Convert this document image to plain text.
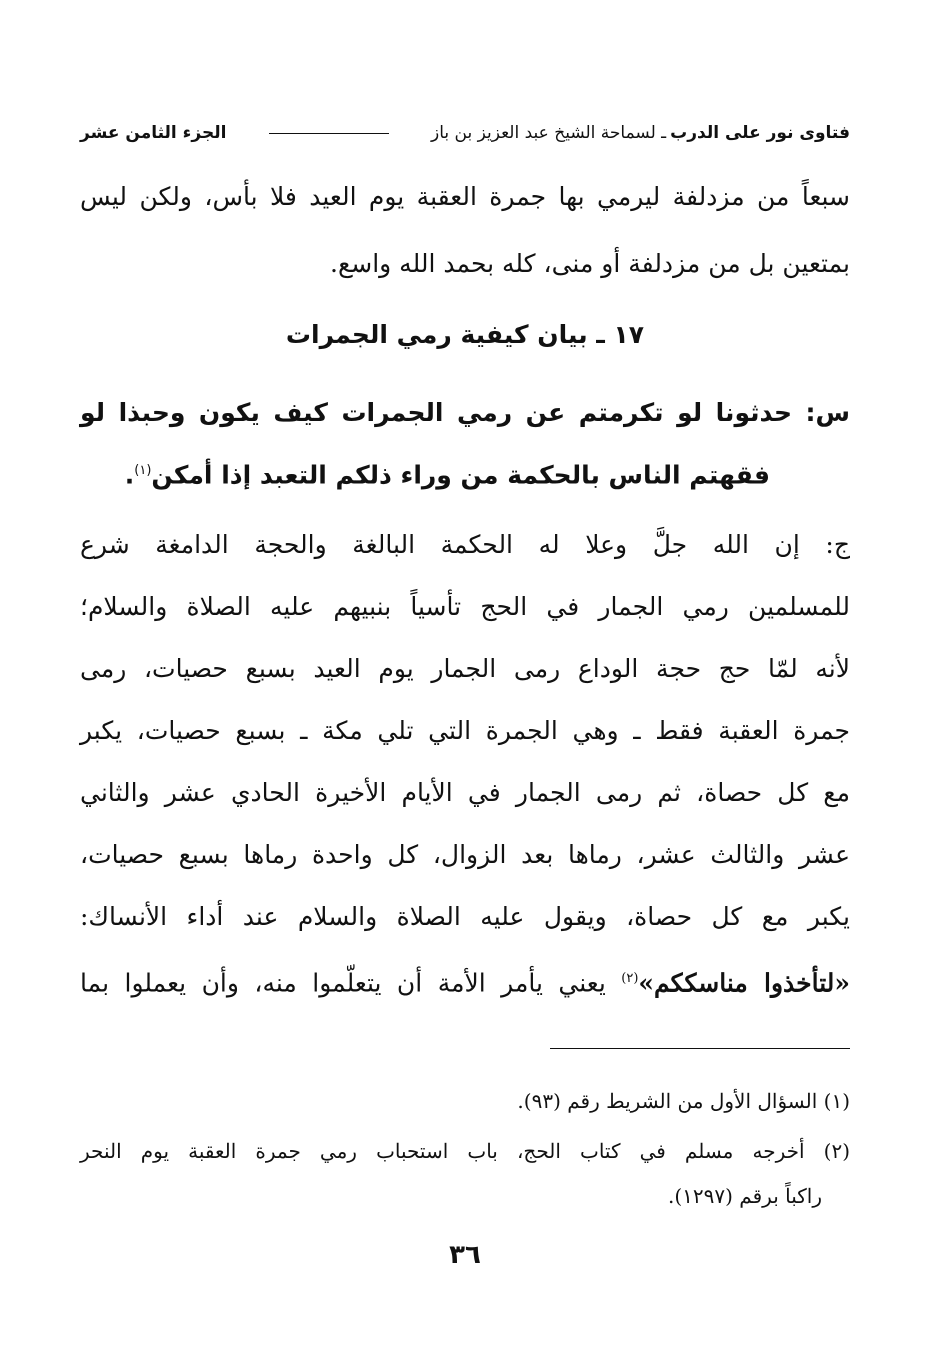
فتاوى نور على الدرب
ـ لسماحة الشيخ عبد العزيز بن باز
الجزء الثامن عشر
سبعاً من مزدلفة ليرمي بها جمرة العقبة يوم العيد فلا بأس، ولكن ليس
بمتعين بل من مزدلفة أو منى، كله بحمد الله واسع.
١٧ ـ بيان كيفية رمي الجمرات
س: حدثونا لو تكرمتم عن رمي الجمرات كيف يكون وحبذا لو
فقهتم الناس بالحكمة من وراء ذلكم التعبد إذا أمكن$^{(١)}$.
ج: إن الله جلَّ وعلا له الحكمة البالغة والحجة الدامغة شرع
للمسلمين رمي الجمار في الحج تأسياً بنبيهم عليه الصلاة والسلام؛
لأنه لمّا حج حجة الوداع رمى الجمار يوم العيد بسبع حصيات، رمى
جمرة العقبة فقط ـ وهي الجمرة التي تلي مكة ـ بسبع حصيات، يكبر
مع كل حصاة، ثم رمى الجمار في الأيام الأخيرة الحادي عشر والثاني
عشر والثالث عشر، رماها بعد الزوال، كل واحدة رماها بسبع حصيات،
يكبر مع كل حصاة، ويقول عليه الصلاة والسلام عند أداء الأنساك:
«لتأخذوا مناسككم»$^{(٢)}$ يعني يأمر الأمة أن يتعلّموا منه، وأن يعملوا بما
(١) السؤال الأول من الشريط رقم (٩٣).
(٢) أخرجه مسلم في كتاب الحج، باب استحباب رمي جمرة العقبة يوم النحر
راكباً برقم (١٢٩٧).
٣٦
